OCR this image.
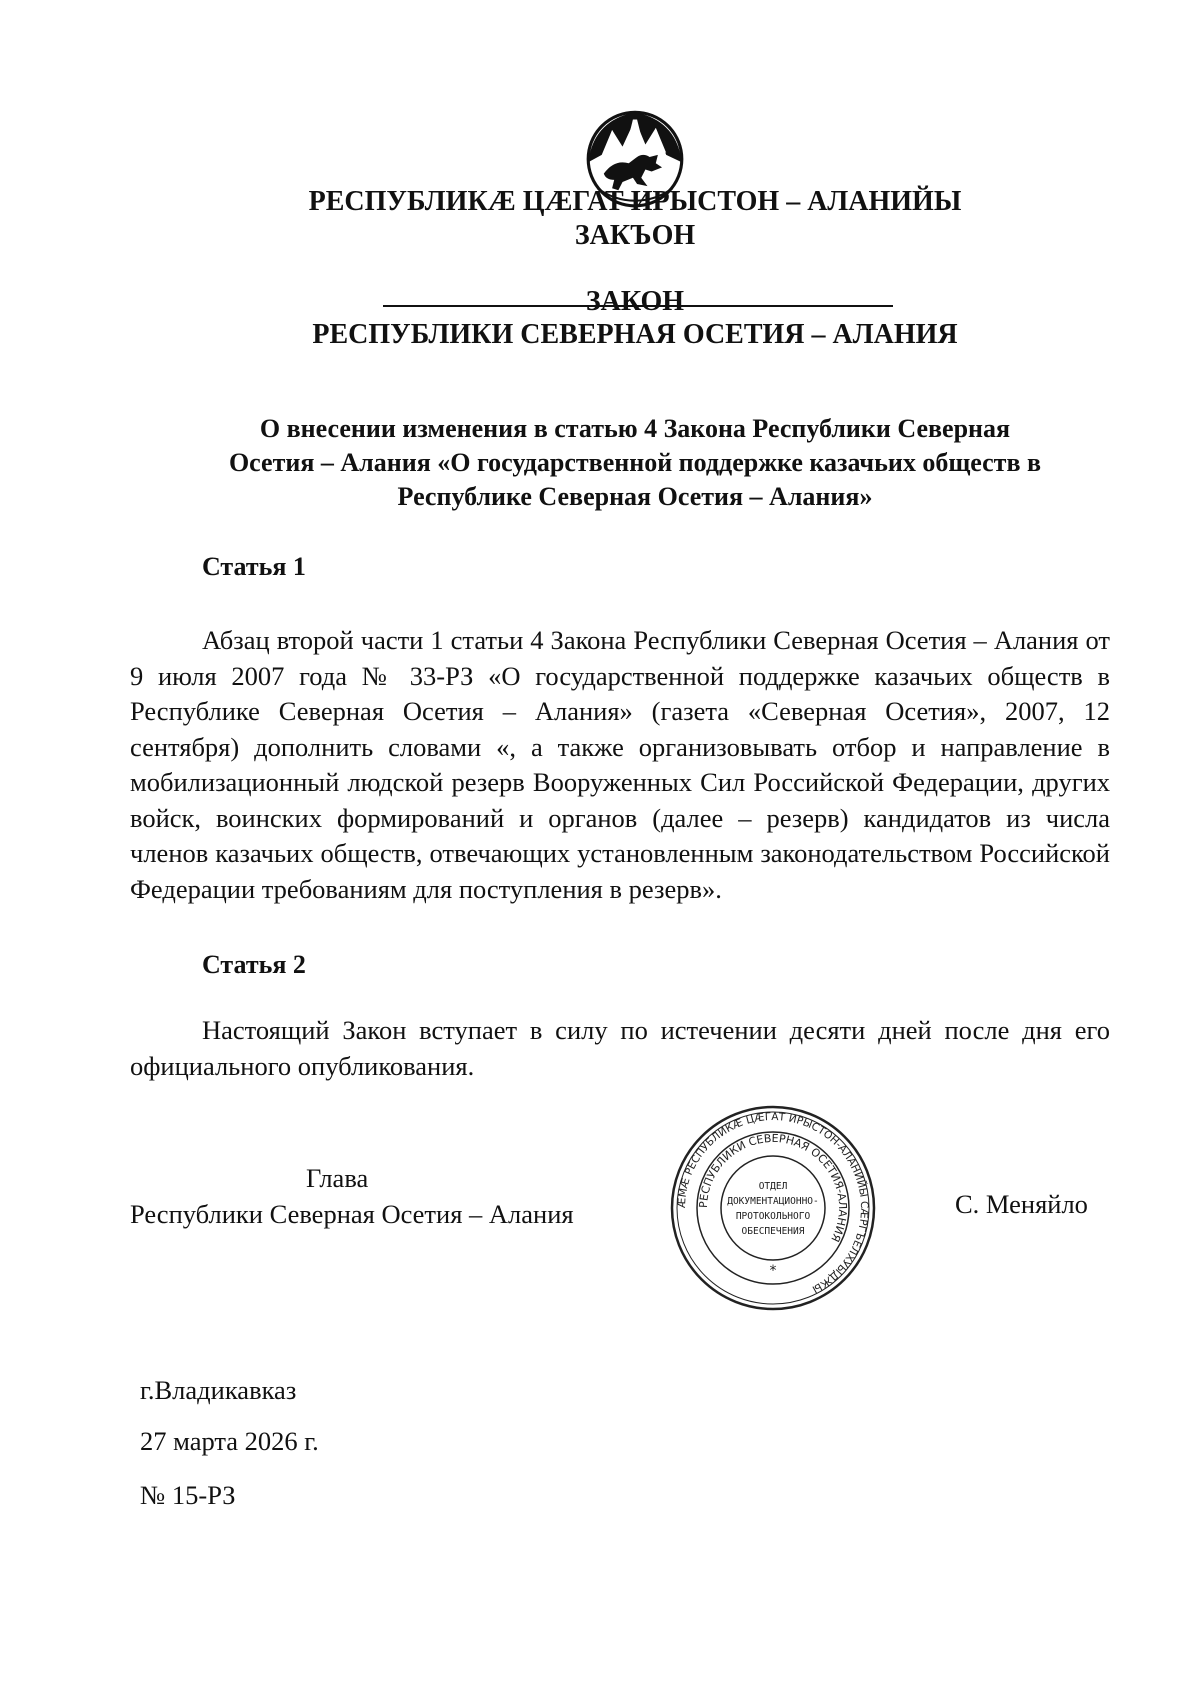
РЕСПУБЛИКÆ ЦÆГАТ ИРЫСТОН – АЛАНИЙЫ
ЗАКЪОН
ЗАКОН
РЕСПУБЛИКИ СЕВЕРНАЯ ОСЕТИЯ – АЛАНИЯ
О внесении изменения в статью 4 Закона Республики Северная
Осетия – Алания «О государственной поддержке казачьих обществ в
Республике Северная Осетия – Алания»
Статья 1
Абзац второй части 1 статьи 4 Закона Республики Северная Осетия – Алания от 9 июля 2007 года № 33-РЗ «О государственной поддержке казачьих обществ в Республике Северная Осетия – Алания» (газета «Северная Осетия», 2007, 12 сентября) дополнить словами «, а также организовывать отбор и направление в мобилизационный людской резерв Вооруженных Сил Российской Федерации, других войск, воинских формирований и органов (далее – резерв) кандидатов из числа членов казачьих обществ, отвечающих установленным законодательством Российской Федерации требованиям для поступления в резерв».
Статья 2
Настоящий Закон вступает в силу по истечении десяти дней после дня его официального опубликования.
Глава
Республики Северная Осетия – Алания	ÆМÆ РЕСПУБЛИКÆ ЦÆГАТ ИРЫСТОН-АЛАНИЙЫ СÆРГЪЕЛХУЫДЖЫ
РЕСПУБЛИКИ СЕВЕРНАЯ ОСЕТИЯ-АЛАНИЯ
ОТДЕЛ
ДОКУМЕНТАЦИОННО-
ПРОТОКОЛЬНОГО
ОБЕСПЕЧЕНИЯ
*
С. Меняйло
г.Владикавказ
27 марта 2026 г.
№ 15-РЗ
